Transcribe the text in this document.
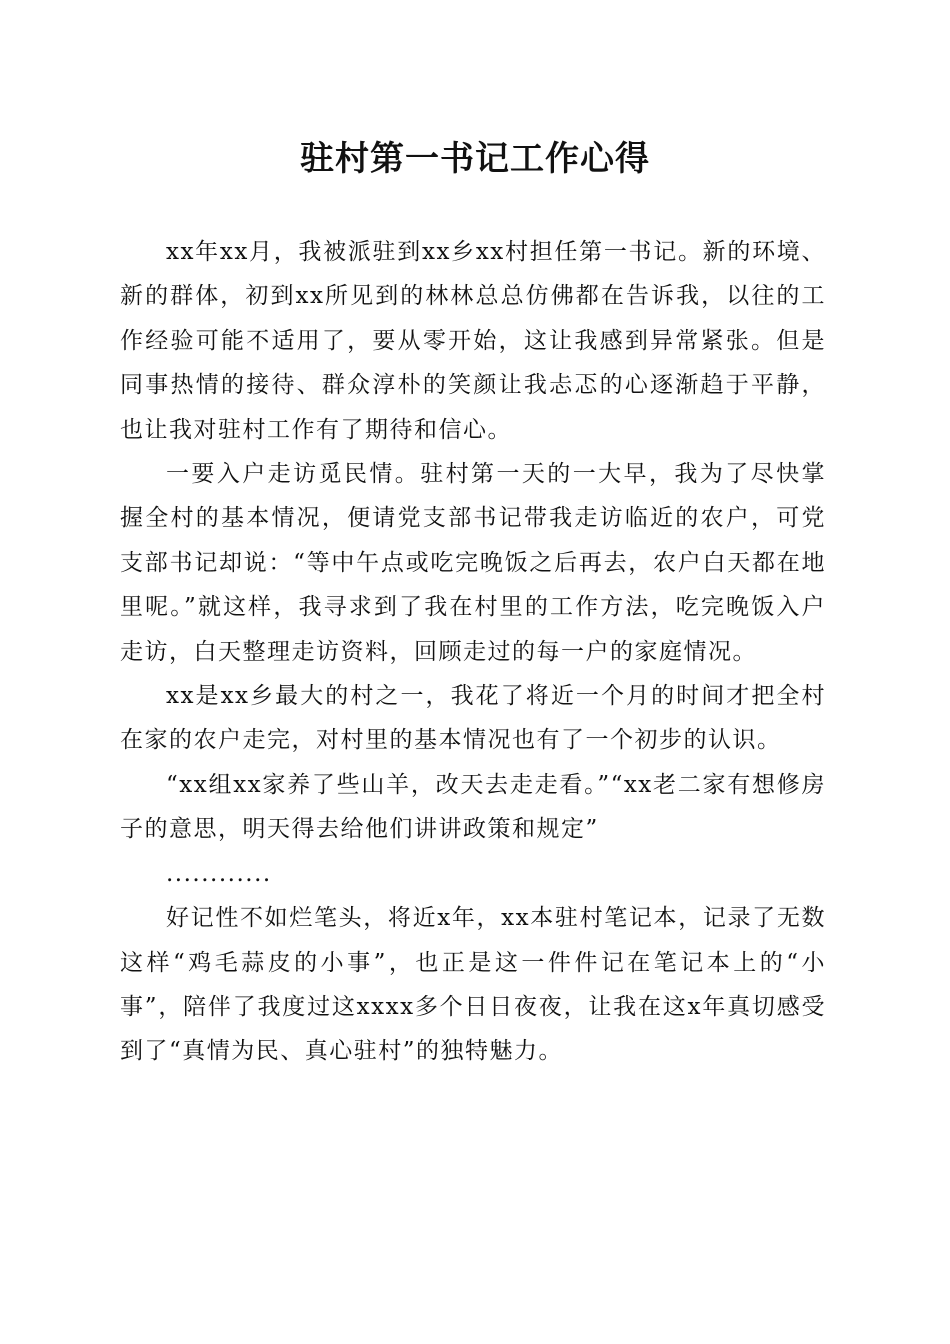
驻村第一书记工作心得

xx年xx月，我被派驻到xx乡xx村担任第一书记。新的环境、新的群体，初到xx所见到的林林总总仿佛都在告诉我，以往的工作经验可能不适用了，要从零开始，这让我感到异常紧张。但是同事热情的接待、群众淳朴的笑颜让我忐忑的心逐渐趋于平静，也让我对驻村工作有了期待和信心。

一要入户走访觅民情。驻村第一天的一大早，我为了尽快掌握全村的基本情况，便请党支部书记带我走访临近的农户，可党支部书记却说：“等中午点或吃完晚饭之后再去，农户白天都在地里呢。”就这样，我寻求到了我在村里的工作方法，吃完晚饭入户走访，白天整理走访资料，回顾走过的每一户的家庭情况。

xx是xx乡最大的村之一，我花了将近一个月的时间才把全村在家的农户走完，对村里的基本情况也有了一个初步的认识。

“xx组xx家养了些山羊，改天去走走看。”“xx老二家有想修房子的意思，明天得去给他们讲讲政策和规定”

............

好记性不如烂笔头，将近x年，xx本驻村笔记本，记录了无数这样“鸡毛蒜皮的小事”，也正是这一件件记在笔记本上的“小事”，陪伴了我度过这xxxx多个日日夜夜，让我在这x年真切感受到了“真情为民、真心驻村”的独特魅力。
